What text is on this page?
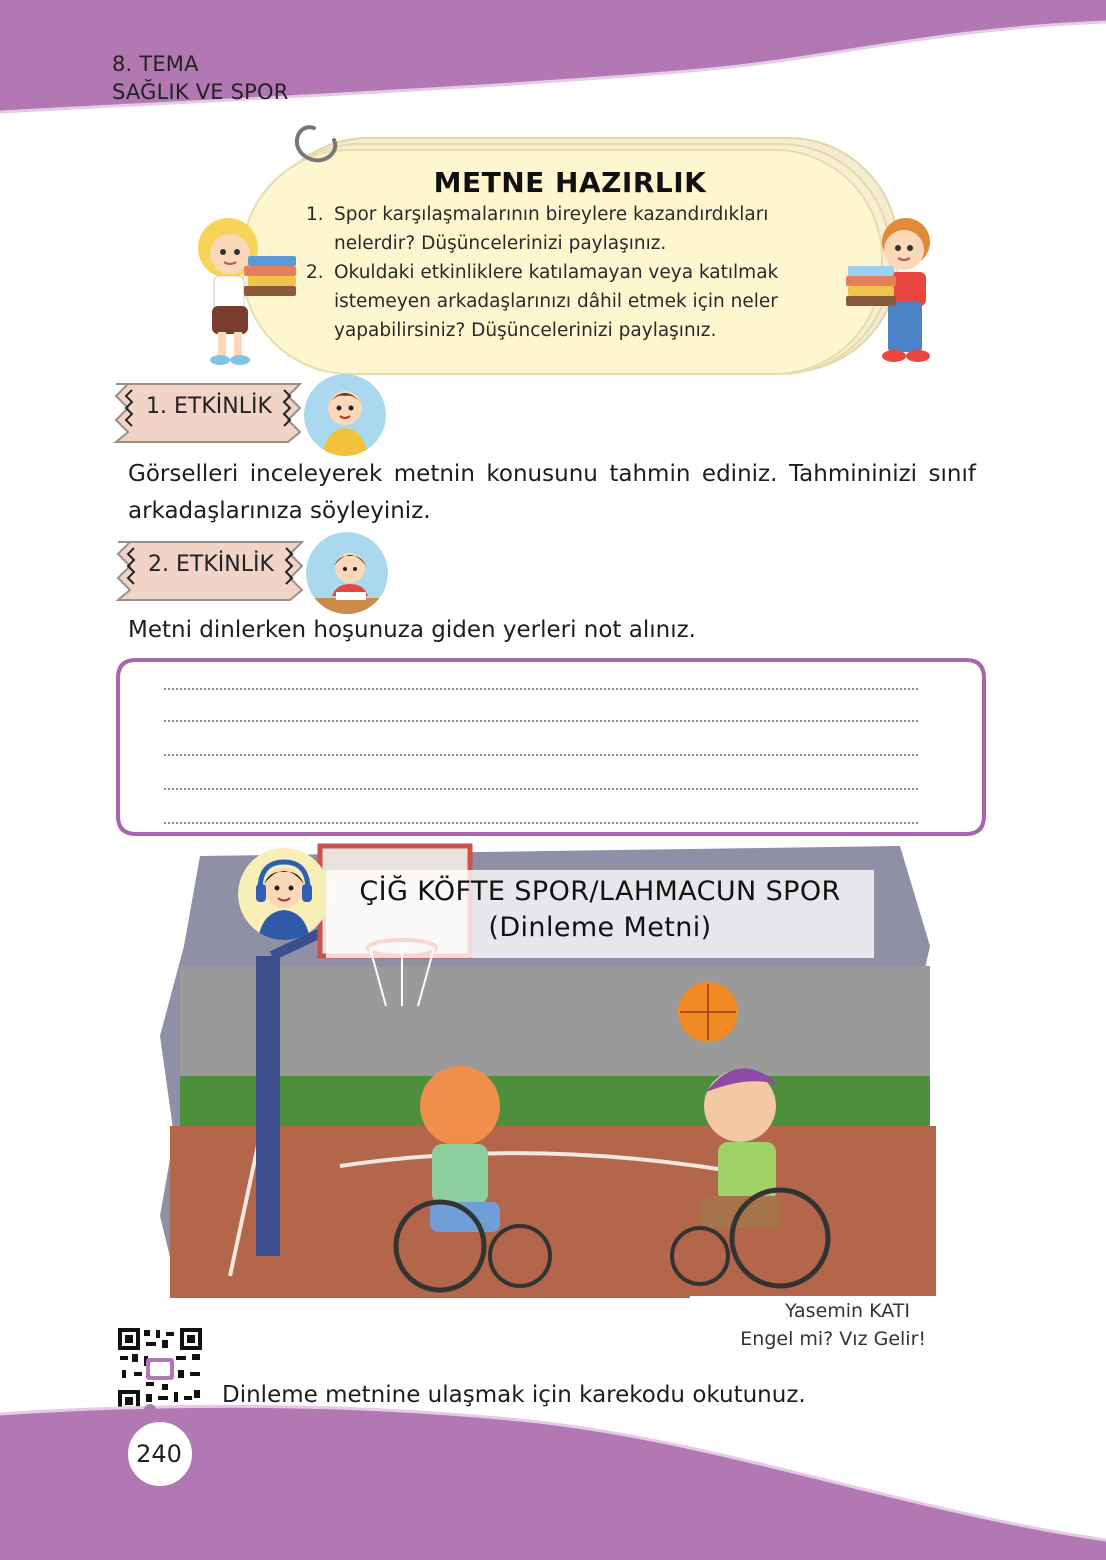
8. TEMA
SAĞLIK VE SPOR
METNE HAZIRLIK
1. Spor karşılaşmalarının bireylere kazandırdıkları nelerdir? Düşüncelerinizi paylaşınız.
2. Okuldaki etkinliklere katılamayan veya katılmak istemeyen arkadaşlarınızı dâhil etmek için neler yapabilirsiniz? Düşüncelerinizi paylaşınız.
1. ETKİNLİK
Görselleri inceleyerek metnin konusunu tahmin ediniz. Tahmininizi sınıf arkadaşlarınıza söyleyiniz.
2. ETKİNLİK
Metni dinlerken hoşunuza giden yerleri not alınız.
ÇİĞ KÖFTE SPOR/LAHMACUN SPOR
(Dinleme Metni)
Yasemin KATI
Engel mi? Vız Gelir!
Dinleme metnine ulaşmak için karekodu okutunuz.
240
